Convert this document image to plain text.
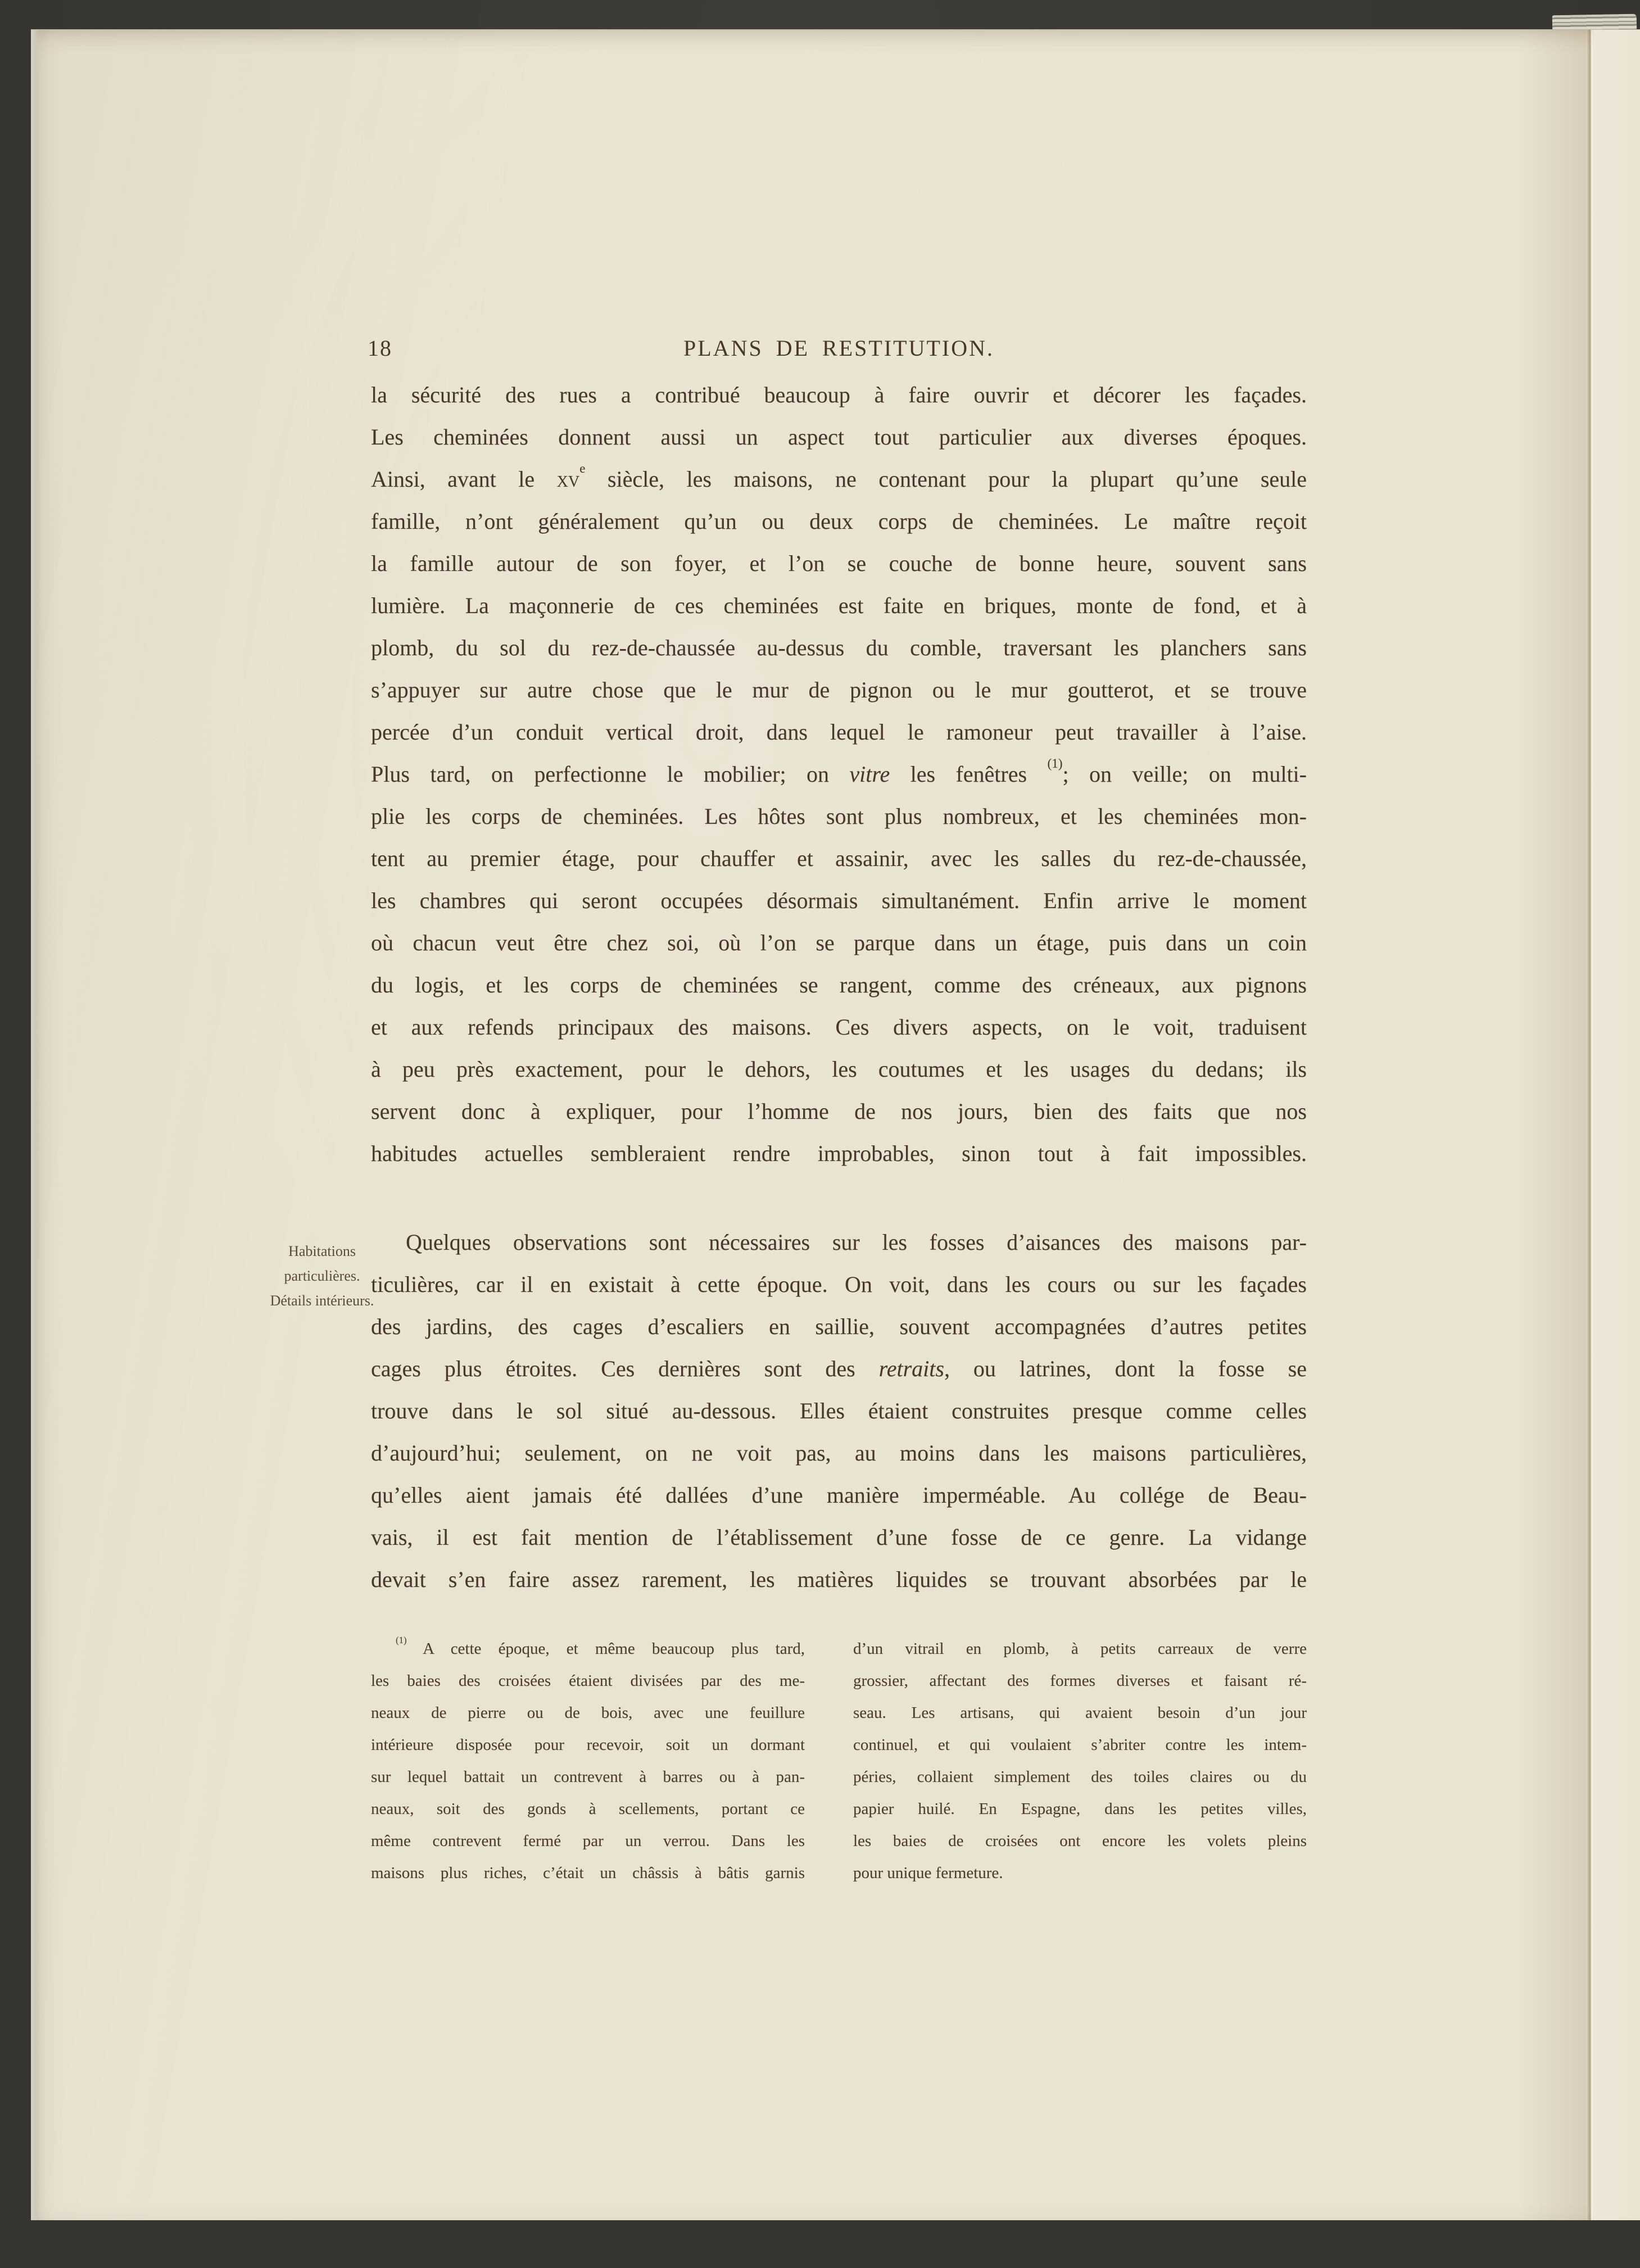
18	PLANS DE RESTITUTION.
Habitations
particulières.
Détails intérieurs.
la sécurité des rues a contribué beaucoup à faire ouvrir et décorer les façades.
Les cheminées donnent aussi un aspect tout particulier aux diverses époques.
Ainsi, avant le $xv^e$ siècle, les maisons, ne contenant pour la plupart qu’une seule
famille, n’ont généralement qu’un ou deux corps de cheminées. Le maître reçoit
la famille autour de son foyer, et l’on se couche de bonne heure, souvent sans
lumière. La maçonnerie de ces cheminées est faite en briques, monte de fond, et à
plomb, du sol du rez-de-chaussée au-dessus du comble, traversant les planchers sans
s’appuyer sur autre chose que le mur de pignon ou le mur goutterot, et se trouve
percée d’un conduit vertical droit, dans lequel le ramoneur peut travailler à l’aise.
Plus tard, on perfectionne le mobilier; on vitre les fenêtres $^{(1)}$; on veille; on multi-
plie les corps de cheminées. Les hôtes sont plus nombreux, et les cheminées mon-
tent au premier étage, pour chauffer et assainir, avec les salles du rez-de-chaussée,
les chambres qui seront occupées désormais simultanément. Enfin arrive le moment
où chacun veut être chez soi, où l’on se parque dans un étage, puis dans un coin
du logis, et les corps de cheminées se rangent, comme des créneaux, aux pignons
et aux refends principaux des maisons. Ces divers aspects, on le voit, traduisent
à peu près exactement, pour le dehors, les coutumes et les usages du dedans; ils
servent donc à expliquer, pour l’homme de nos jours, bien des faits que nos
habitudes actuelles sembleraient rendre improbables, sinon tout à fait impossibles.
Quelques observations sont nécessaires sur les fosses d’aisances des maisons par-
ticulières, car il en existait à cette époque. On voit, dans les cours ou sur les façades
des jardins, des cages d’escaliers en saillie, souvent accompagnées d’autres petites
cages plus étroites. Ces dernières sont des retraits, ou latrines, dont la fosse se
trouve dans le sol situé au-dessous. Elles étaient construites presque comme celles
d’aujourd’hui; seulement, on ne voit pas, au moins dans les maisons particulières,
qu’elles aient jamais été dallées d’une manière imperméable. Au collége de Beau-
vais, il est fait mention de l’établissement d’une fosse de ce genre. La vidange
devait s’en faire assez rarement, les matières liquides se trouvant absorbées par le
$^{(1)}$ A cette époque, et même beaucoup plus tard,
les baies des croisées étaient divisées par des me-
neaux de pierre ou de bois, avec une feuillure
intérieure disposée pour recevoir, soit un dormant
sur lequel battait un contrevent à barres ou à pan-
neaux, soit des gonds à scellements, portant ce
même contrevent fermé par un verrou. Dans les
maisons plus riches, c’était un châssis à bâtis garnis
d’un vitrail en plomb, à petits carreaux de verre
grossier, affectant des formes diverses et faisant ré-
seau. Les artisans, qui avaient besoin d’un jour
continuel, et qui voulaient s’abriter contre les intem-
péries, collaient simplement des toiles claires ou du
papier huilé. En Espagne, dans les petites villes,
les baies de croisées ont encore les volets pleins
pour unique fermeture.
